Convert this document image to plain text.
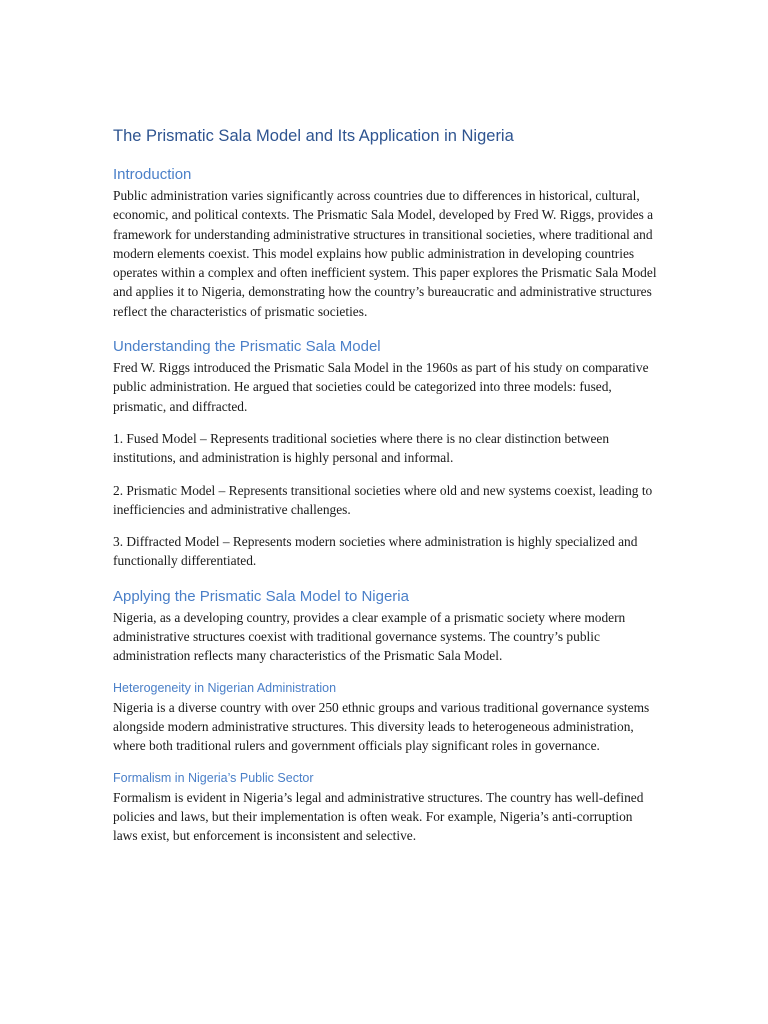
The Prismatic Sala Model and Its Application in Nigeria
Introduction

Public administration varies significantly across countries due to differences in historical, cultural, economic, and political contexts. The Prismatic Sala Model, developed by Fred W. Riggs, provides a framework for understanding administrative structures in transitional societies, where traditional and modern elements coexist. This model explains how public administration in developing countries operates within a complex and often inefficient system. This paper explores the Prismatic Sala Model and applies it to Nigeria, demonstrating how the country’s bureaucratic and administrative structures reflect the characteristics of prismatic societies.

Understanding the Prismatic Sala Model

Fred W. Riggs introduced the Prismatic Sala Model in the 1960s as part of his study on comparative public administration. He argued that societies could be categorized into three models: fused, prismatic, and diffracted.

1. Fused Model – Represents traditional societies where there is no clear distinction between institutions, and administration is highly personal and informal.

2. Prismatic Model – Represents transitional societies where old and new systems coexist, leading to inefficiencies and administrative challenges.

3. Diffracted Model – Represents modern societies where administration is highly specialized and functionally differentiated.

Applying the Prismatic Sala Model to Nigeria

Nigeria, as a developing country, provides a clear example of a prismatic society where modern administrative structures coexist with traditional governance systems. The country’s public administration reflects many characteristics of the Prismatic Sala Model.

Heterogeneity in Nigerian Administration

Nigeria is a diverse country with over 250 ethnic groups and various traditional governance systems alongside modern administrative structures. This diversity leads to heterogeneous administration, where both traditional rulers and government officials play significant roles in governance.

Formalism in Nigeria’s Public Sector

Formalism is evident in Nigeria’s legal and administrative structures. The country has well-defined policies and laws, but their implementation is often weak. For example, Nigeria’s anti-corruption laws exist, but enforcement is inconsistent and selective.
